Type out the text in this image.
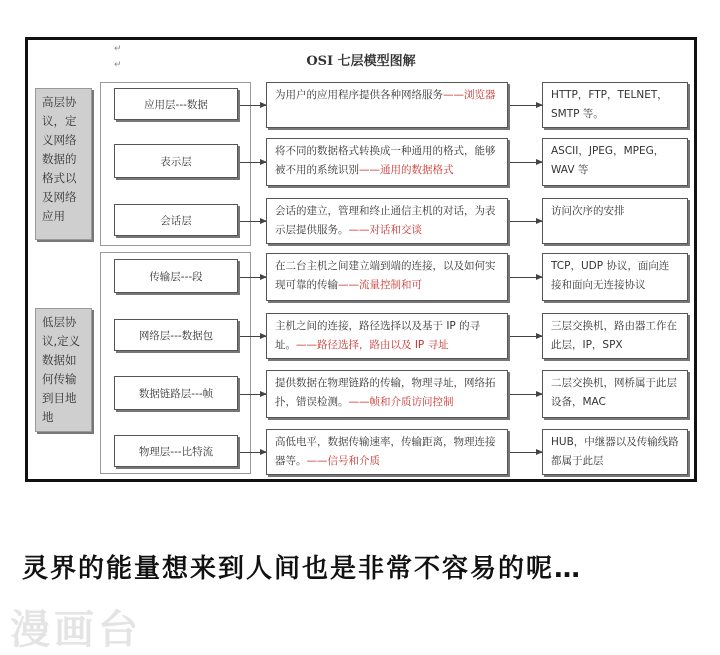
OSI 七层模型图解
↵
↵
高层协议，定义网络数据的格式以及网络应用
低层协议,定义数据如何传输到目地地
应用层---数据
为用户的应用程序提供各种网络服务——浏览器	HTTP，FTP，TELNET，SMTP 等。
表示层
将不同的数据格式转换成一种通用的格式，能够被不用的系统识别——通用的数据格式
ASCII，JPEG，MPEG，WAV 等
会话层
会话的建立，管理和终止通信主机的对话，为表示层提供服务。——对话和交谈
访问次序的安排
传输层---段
在二台主机之间建立端到端的连接，以及如何实现可靠的传输——流量控制和可
TCP，UDP 协议，面向连接和面向无连接协议
网络层---数据包
主机之间的连接，路径选择以及基于 IP 的寻址。——路径选择，路由以及 IP 寻址
三层交换机，路由器工作在此层，IP，SPX
数据链路层---帧
提供数据在物理链路的传输，物理寻址，网络拓扑，错误检测。——帧和介质访问控制
二层交换机，网桥属于此层设备，MAC
物理层---比特流
高低电平，数据传输速率，传输距离，物理连接器等。——信号和介质
HUB，中继器以及传输线路都属于此层
灵界的能量想来到人间也是非常不容易的呢…
漫画台
